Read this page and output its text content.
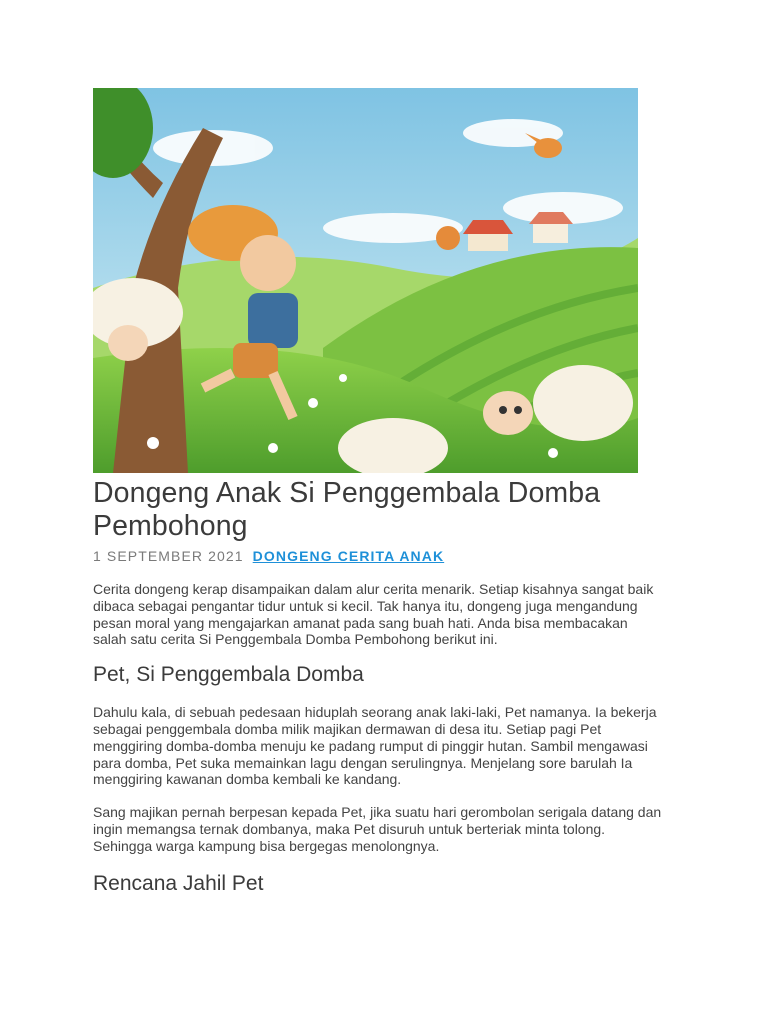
Dongeng Anak Si Penggembala Domba Pembohong
1 SEPTEMBER 2021 DONGENG CERITA ANAK

Cerita dongeng kerap disampaikan dalam alur cerita menarik. Setiap kisahnya sangat baik dibaca sebagai pengantar tidur untuk si kecil. Tak hanya itu, dongeng juga mengandung pesan moral yang mengajarkan amanat pada sang buah hati. Anda bisa membacakan salah satu cerita Si Penggembala Domba Pembohong berikut ini.

Pet, Si Penggembala Domba

Dahulu kala, di sebuah pedesaan hiduplah seorang anak laki-laki, Pet namanya. Ia bekerja sebagai penggembala domba milik majikan dermawan di desa itu. Setiap pagi Pet menggiring domba-domba menuju ke padang rumput di pinggir hutan. Sambil mengawasi para domba, Pet suka memainkan lagu dengan serulingnya. Menjelang sore barulah Ia menggiring kawanan domba kembali ke kandang.

Sang majikan pernah berpesan kepada Pet, jika suatu hari gerombolan serigala datang dan ingin memangsa ternak dombanya, maka Pet disuruh untuk berteriak minta tolong. Sehingga warga kampung bisa bergegas menolongnya.

Rencana Jahil Pet
